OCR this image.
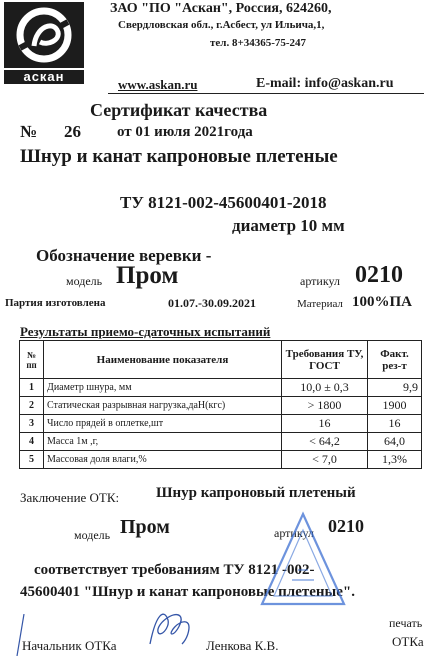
аскан
ЗАО "ПО "Аскан", Россия, 624260,
Свердловская обл., г.Асбест, ул Ильича,1,
тел. 8+34365-75-247
www.askan.ru	E-mail: info@askan.ru
Сертификат качества
№ 26 от 01 июля 2021года
Шнур и канат капроновые плетеные
ТУ 8121-002-45600401-2018
диаметр 10 мм
Обозначение веревки -
модель Пром	артикул 0210
Партия изготовлена	01.07.-30.09.2021	Материал 100%ПА
Результаты приемо-сдаточных испытаний
№ пп	Наименование показателя	Требования ТУ, ГОСТ	Факт. рез-т
1	Диаметр шнура, мм	10,0 ± 0,3	9,9
2	Статическая разрывная нагрузка,даН(кгс)	> 1800	1900
3	Число прядей в оплетке,шт	16	16
4	Масса 1м ,г,	< 64,2	64,0
5	Массовая доля влаги,%	< 7,0	1,3%
Заключение ОТК: Шнур капроновый плетеный
модель Пром	артикул 0210
соответствует требованиям ТУ 8121 -002-
45600401 "Шнур и канат капроновые плетеные".
Начальник ОТКа	Ленкова К.В.
печать
ОТКа
